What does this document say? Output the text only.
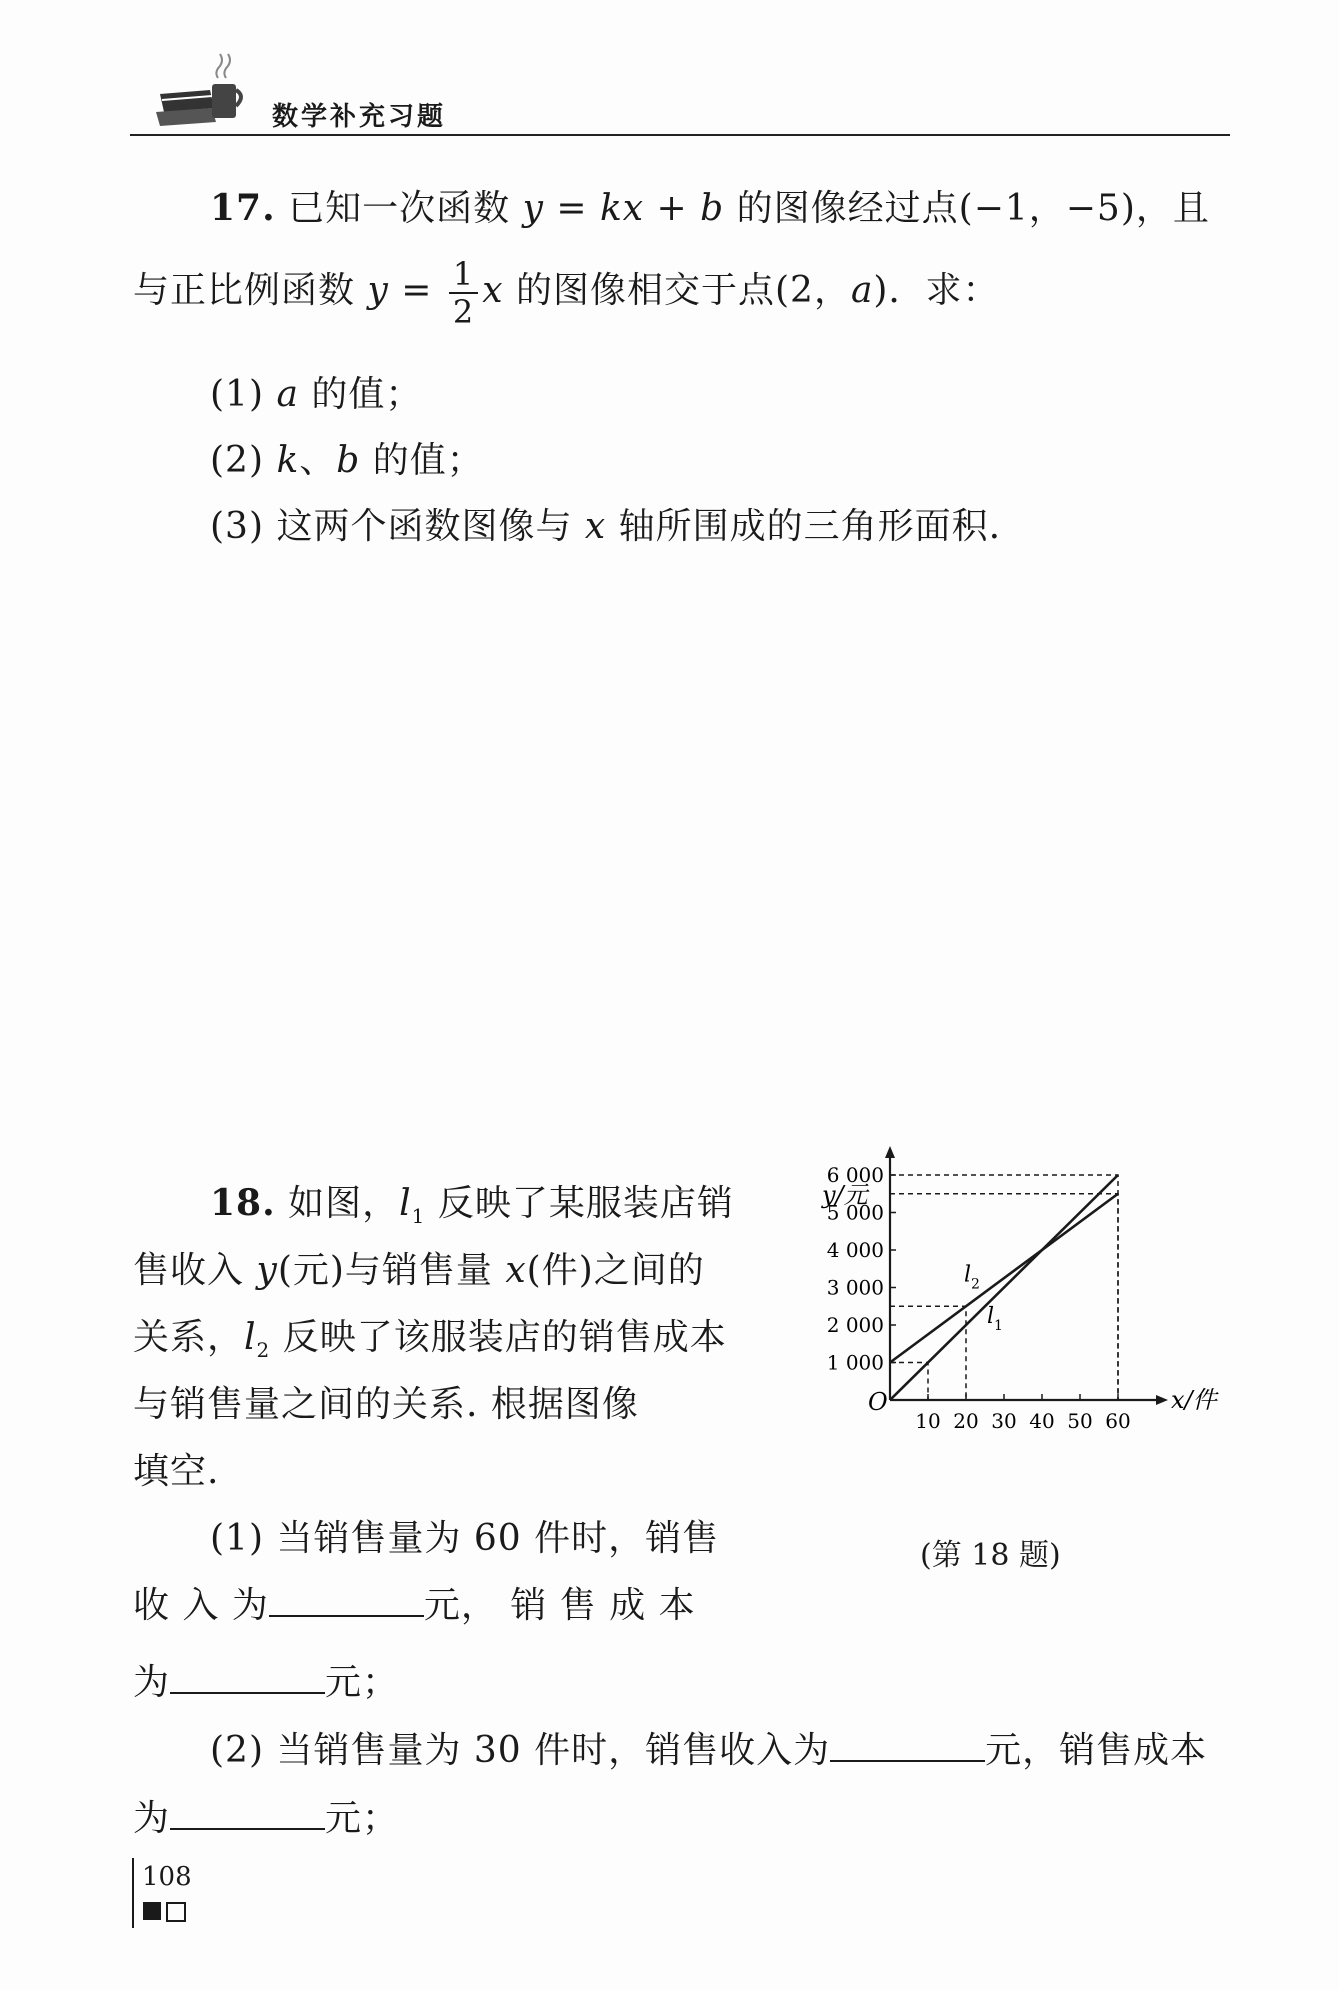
数学补充习题
17. 已知一次函数 y = kx + b 的图像经过点(−1，−5)，且
与正比例函数 $y = \frac{1}{2}$ x 的图像相交于点(2，a)．求：
(1) a 的值；
(2) k、b 的值；
(3) 这两个函数图像与 x 轴所围成的三角形面积.
18. 如图，$l_1$ 反映了某服装店销
售收入 y(元)与销售量 x(件)之间的
关系，$l_2$ 反映了该服装店的销售成本
与销售量之间的关系. 根据图像
填空.
(1) 当销售量为 60 件时，销售
收 入 为	元， 销 售 成 本
为	元；
(2) 当销售量为 30 件时，销售收入为	元，销售成本
为	元；
x/件
y/元
O
10 20 30 40 50 60
1 000
2 000
3 000
4 000
5 000
6 000
l 2
l 1
(第 18 题)
108
